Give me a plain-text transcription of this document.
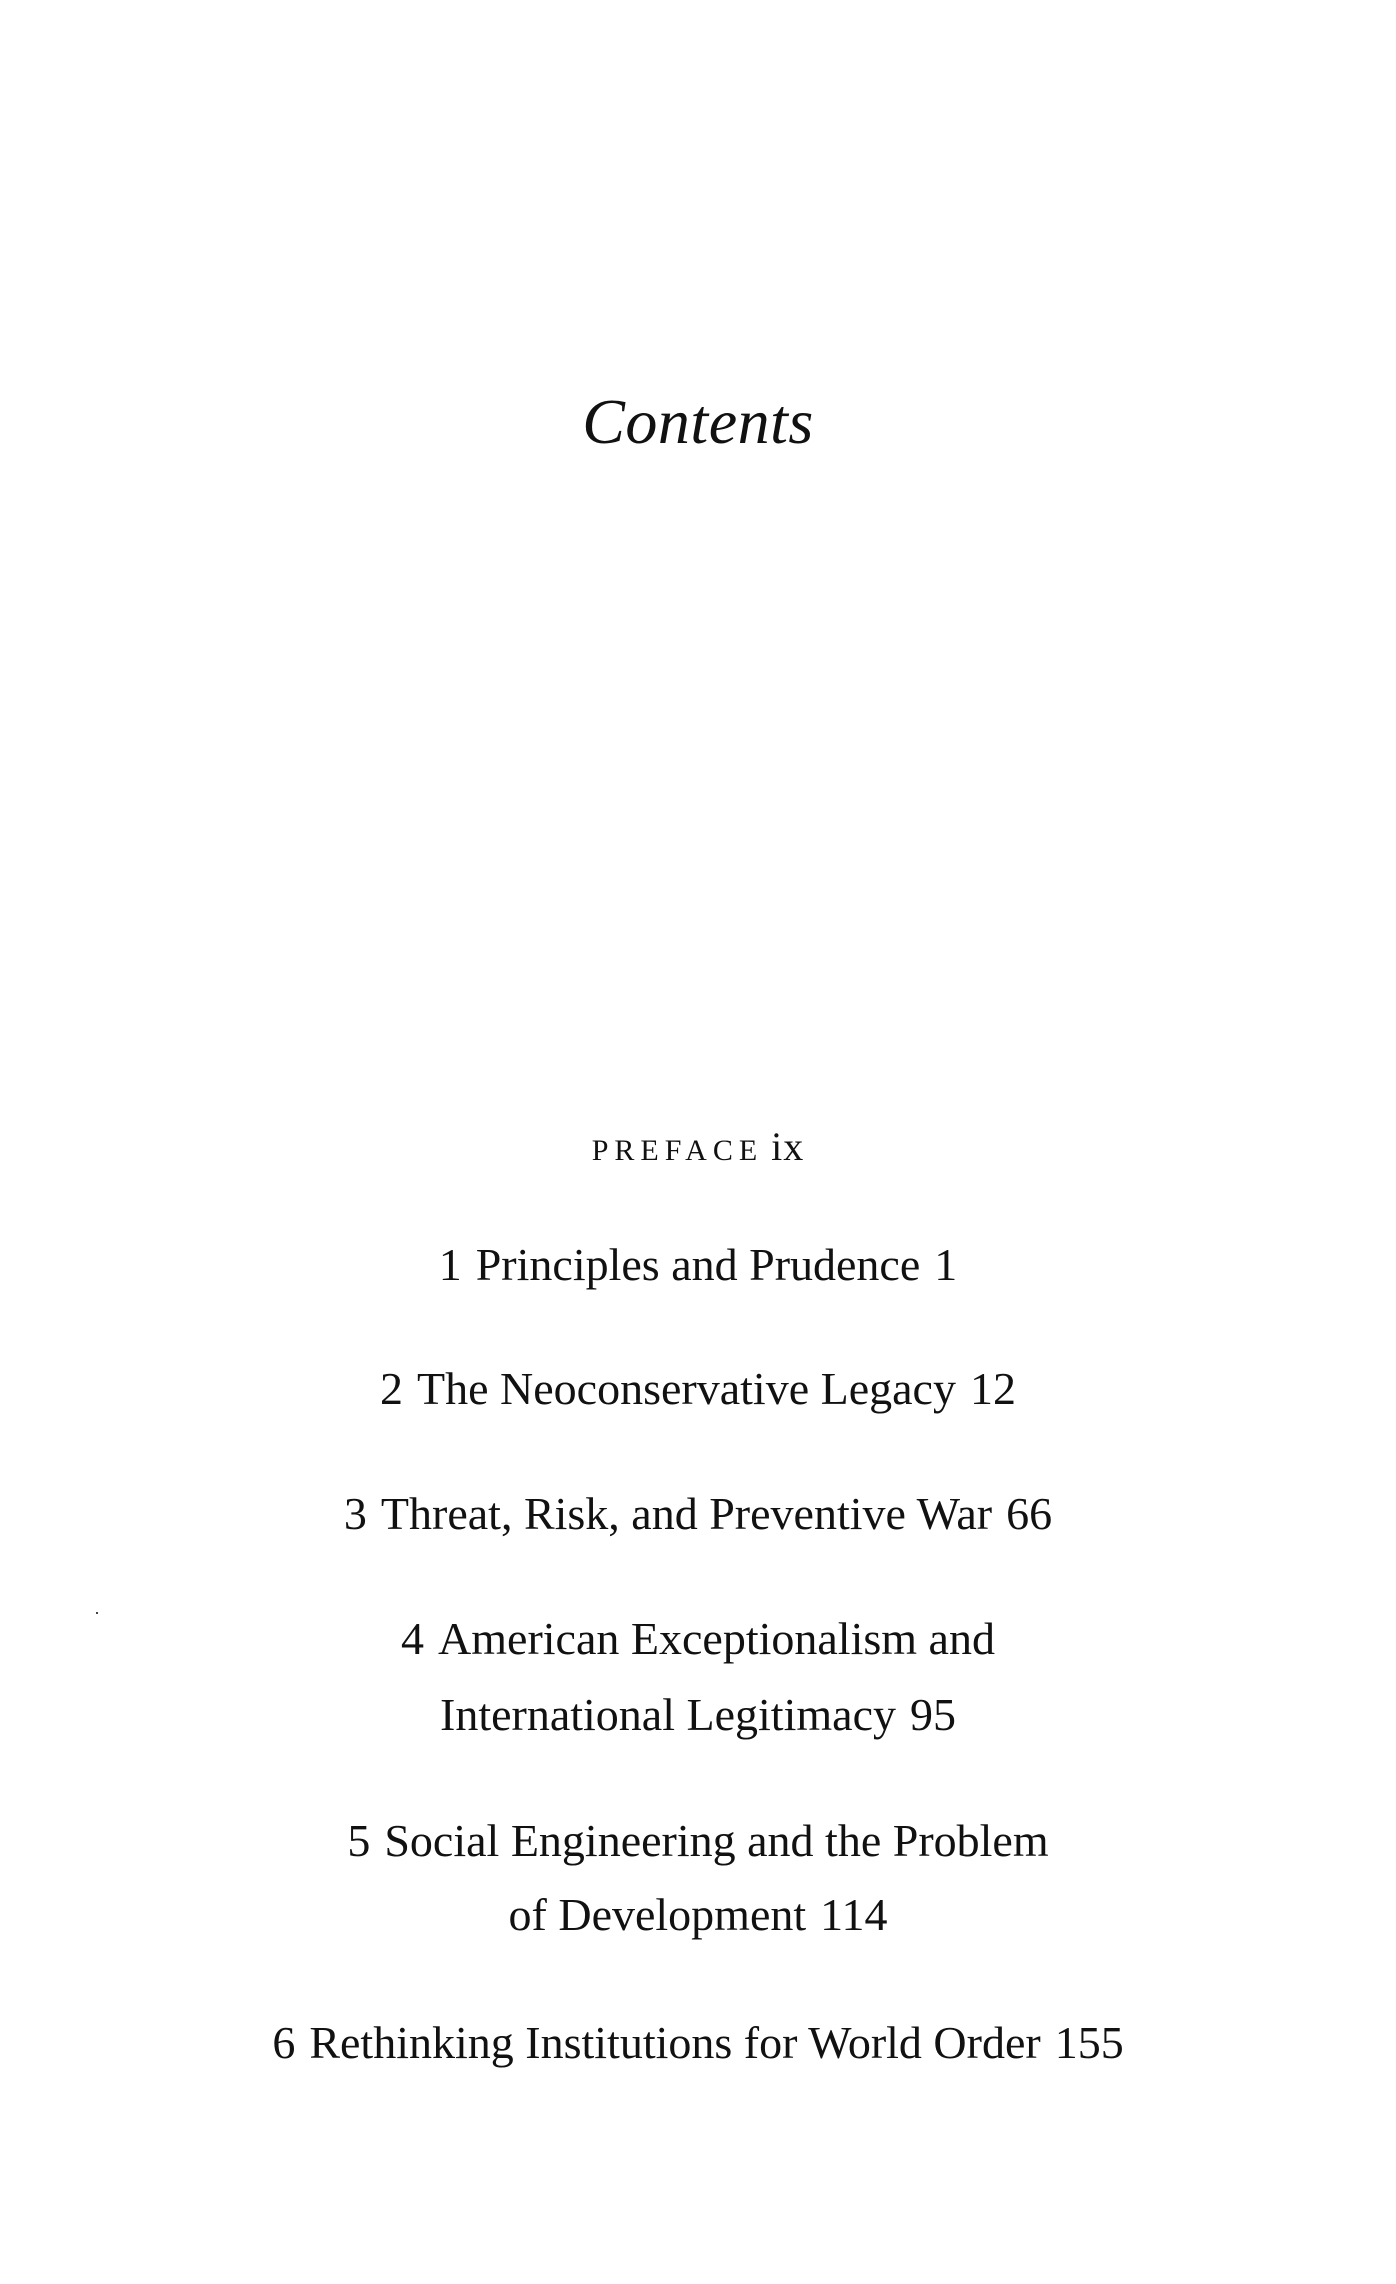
Contents
PREFACE ix
1 Principles and Prudence 1
2 The Neoconservative Legacy 12
3 Threat, Risk, and Preventive War 66
4 American Exceptionalism and
International Legitimacy 95
5 Social Engineering and the Problem
of Development 114
6 Rethinking Institutions for World Order 155
